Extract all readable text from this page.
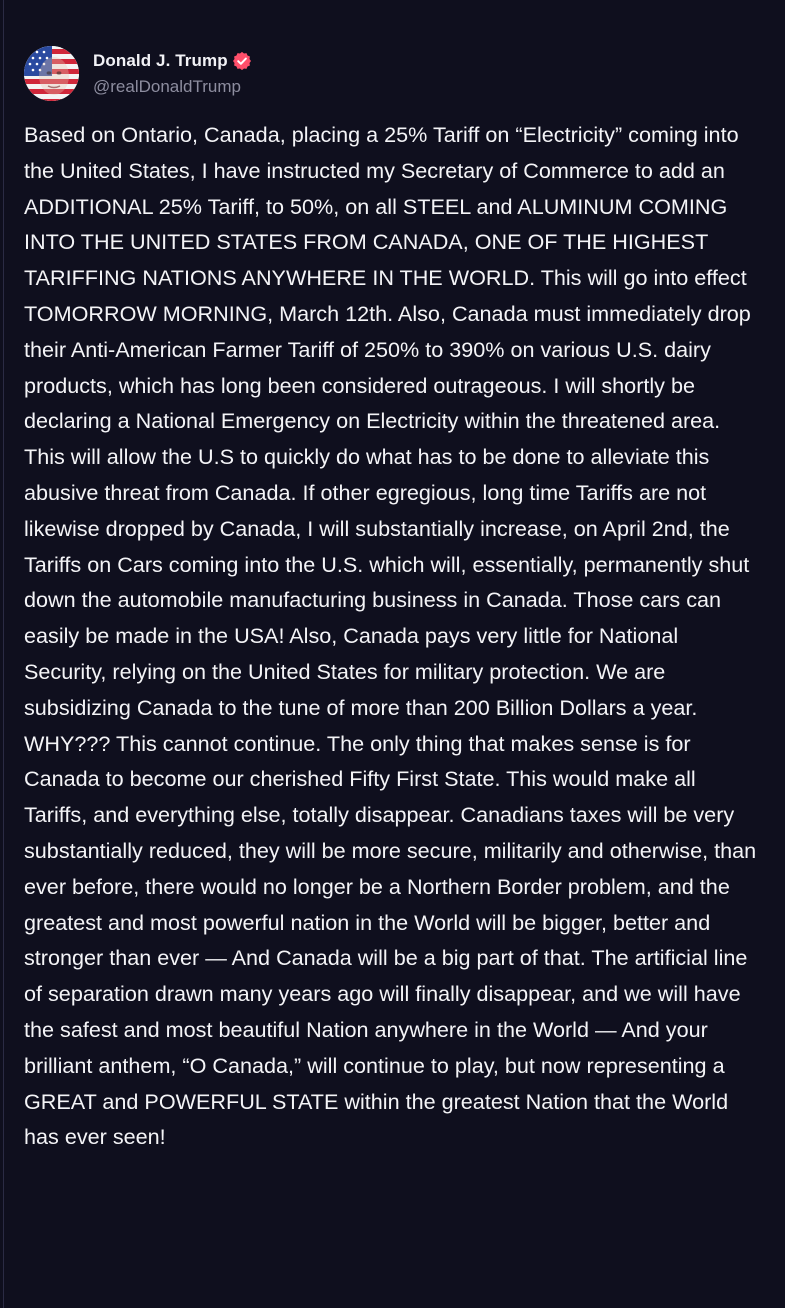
Donald J. Trump
@realDonaldTrump
Based on Ontario, Canada, placing a 25% Tariff on “Electricity” coming into the United States, I have instructed my Secretary of Commerce to add an ADDITIONAL 25% Tariff, to 50%, on all STEEL and ALUMINUM COMING INTO THE UNITED STATES FROM CANADA, ONE OF THE HIGHEST TARIFFING NATIONS ANYWHERE IN THE WORLD. This will go into effect TOMORROW MORNING, March 12th. Also, Canada must immediately drop their Anti-American Farmer Tariff of 250% to 390% on various U.S. dairy products, which has long been considered outrageous. I will shortly be declaring a National Emergency on Electricity within the threatened area. This will allow the U.S to quickly do what has to be done to alleviate this abusive threat from Canada. If other egregious, long time Tariffs are not likewise dropped by Canada, I will substantially increase, on April 2nd, the Tariffs on Cars coming into the U.S. which will, essentially, permanently shut down the automobile manufacturing business in Canada. Those cars can easily be made in the USA! Also, Canada pays very little for National Security, relying on the United States for military protection. We are subsidizing Canada to the tune of more than 200 Billion Dollars a year. WHY??? This cannot continue. The only thing that makes sense is for Canada to become our cherished Fifty First State. This would make all Tariffs, and everything else, totally disappear. Canadians taxes will be very substantially reduced, they will be more secure, militarily and otherwise, than ever before, there would no longer be a Northern Border problem, and the greatest and most powerful nation in the World will be bigger, better and stronger than ever — And Canada will be a big part of that. The artificial line of separation drawn many years ago will finally disappear, and we will have the safest and most beautiful Nation anywhere in the World — And your brilliant anthem, “O Canada,” will continue to play, but now representing a GREAT and POWERFUL STATE within the greatest Nation that the World has ever seen!
